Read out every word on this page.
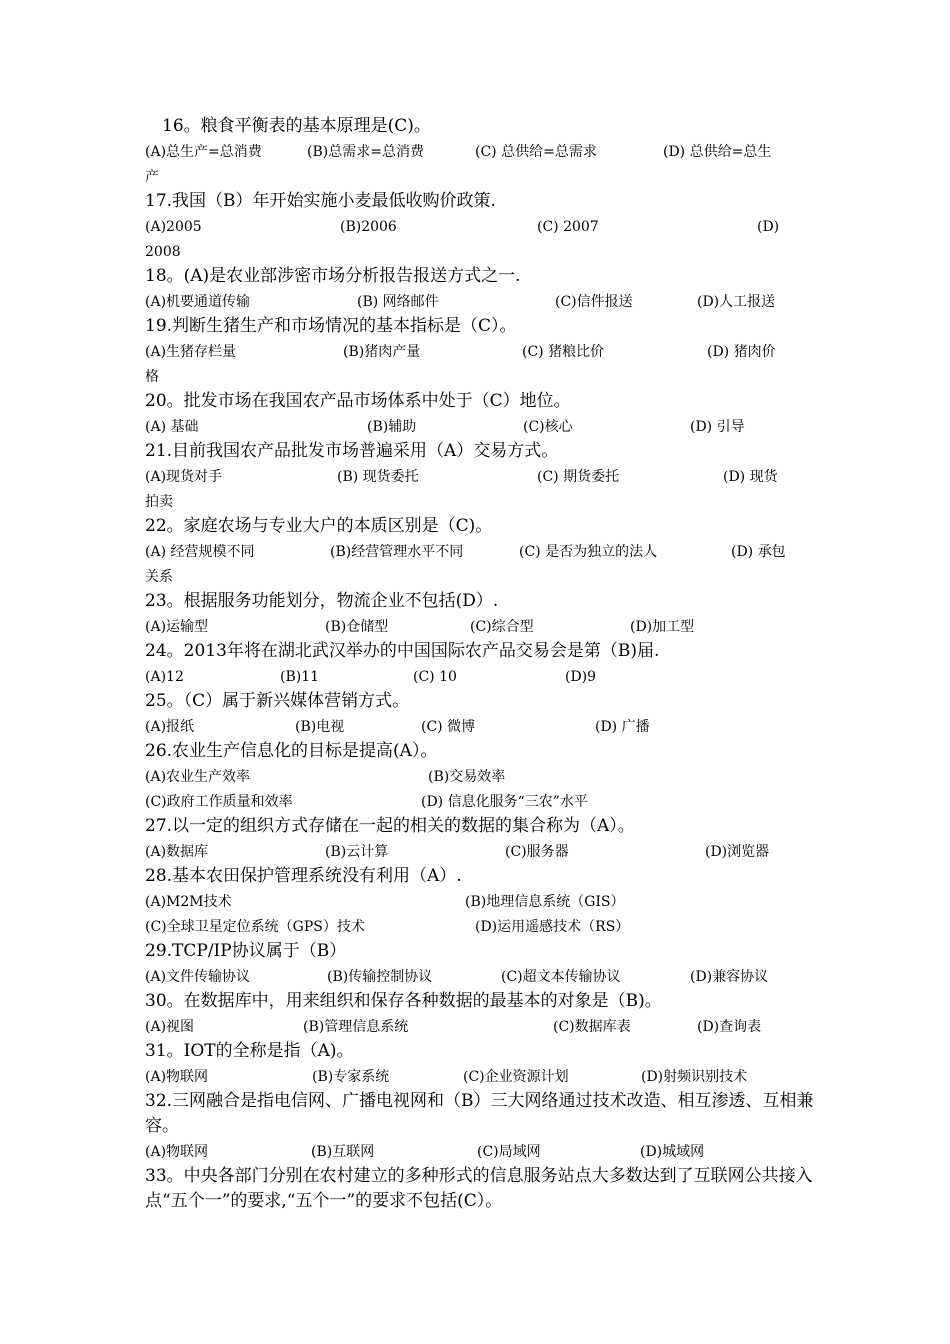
16。粮食平衡表的基本原理是(C)。
(A)总生产=总消费	(B)总需求=总消费	(C) 总供给=总需求	(D) 总供给=总生
产
17.我国（B）年开始实施小麦最低收购价政策.
(A)2005	(B)2006	(C) 2007	(D)
2008
18。(A)是农业部涉密市场分析报告报送方式之一.
(A)机要通道传输	(B) 网络邮件	(C)信件报送	(D)人工报送
19.判断生猪生产和市场情况的基本指标是（C）。
(A)生猪存栏量	(B)猪肉产量	(C) 猪粮比价	(D) 猪肉价
格
20。批发市场在我国农产品市场体系中处于（C）地位。
(A) 基础	(B)辅助	(C)核心	(D) 引导
21.目前我国农产品批发市场普遍采用（A）交易方式。
(A)现货对手	(B) 现货委托	(C) 期货委托	(D) 现货
拍卖
22。家庭农场与专业大户的本质区别是（C)。
(A) 经营规模不同	(B)经营管理水平不同	(C) 是否为独立的法人	(D) 承包
关系
23。根据服务功能划分，物流企业不包括(D）.
(A)运输型	(B)仓储型	(C)综合型	(D)加工型
24。2013年将在湖北武汉举办的中国国际农产品交易会是第（B)届.
(A)12	(B)11	(C) 10	(D)9
25。（C）属于新兴媒体营销方式。
(A)报纸	(B)电视	(C) 微博	(D) 广播
26.农业生产信息化的目标是提高(A）。
(A)农业生产效率	(B)交易效率
(C)政府工作质量和效率	(D) 信息化服务“三农”水平
27.以一定的组织方式存储在一起的相关的数据的集合称为（A）。
(A)数据库	(B)云计算	(C)服务器	(D)浏览器
28.基本农田保护管理系统没有利用（A）.
(A)M2M技术	(B)地理信息系统（GIS）
(C)全球卫星定位系统（GPS）技术	(D)运用遥感技术（RS）
29.TCP/IP协议属于（B）
(A)文件传输协议	(B)传输控制协议	(C)超文本传输协议	(D)兼容协议
30。在数据库中，用来组织和保存各种数据的最基本的对象是（B)。
(A)视图	(B)管理信息系统	(C)数据库表	(D)查询表
31。IOT的全称是指（A)。
(A)物联网	(B)专家系统	(C)企业资源计划	(D)射频识别技术
32.三网融合是指电信网、广播电视网和（B）三大网络通过技术改造、相互渗透、互相兼容。
(A)物联网	(B)互联网	(C)局域网	(D)城域网
33。中央各部门分别在农村建立的多种形式的信息服务站点大多数达到了互联网公共接入点“五个一”的要求,“五个一”的要求不包括(C）。
